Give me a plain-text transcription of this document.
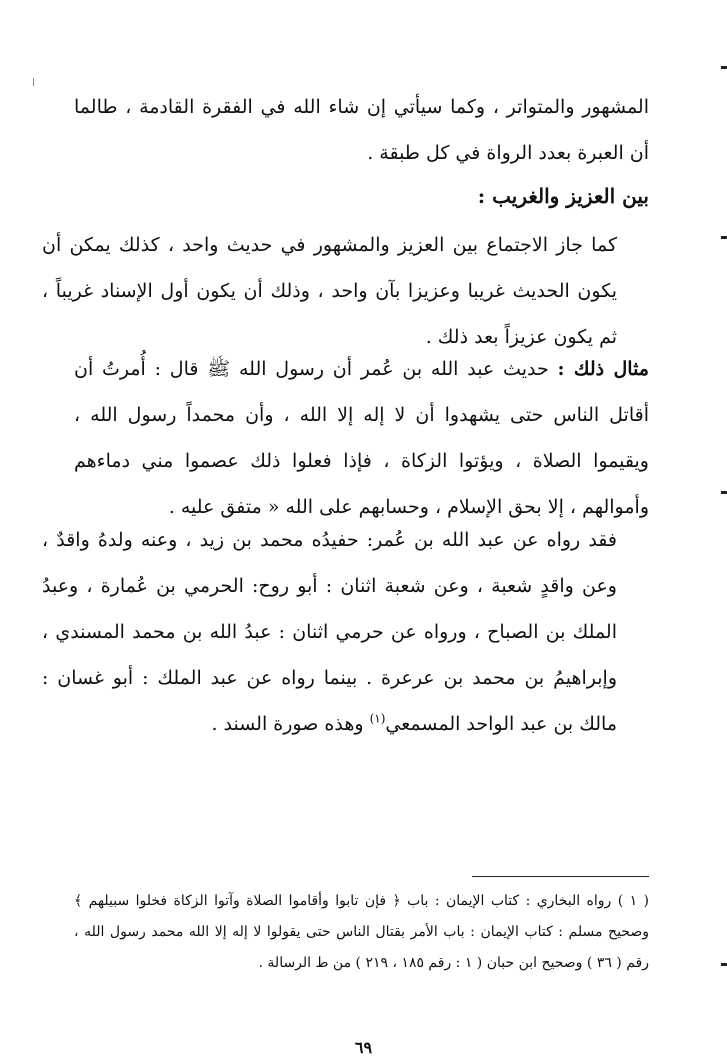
المشهور والمتواتر ، وكما سيأتي إن شاء الله في الفقرة القادمة ، طالما أن العبرة بعدد الرواة في كل طبقة .

بين العزيز والغريب :

كما جاز الاجتماع بين العزيز والمشهور في حديث واحد ، كذلك يمكن أن يكون الحديث غريبا وعزيزا بآن واحد ، وذلك أن يكون أول الإسناد غريباً ، ثم يكون عزيزاً بعد ذلك .

مثال ذلك : حديث عبد الله بن عُمر أن رسول الله ﷺ قال : أُمرتُ أن أقاتل الناس حتى يشهدوا أن لا إله إلا الله ، وأن محمداً رسول الله ، ويقيموا الصلاة ، ويؤتوا الزكاة ، فإذا فعلوا ذلك عصموا مني دماءهم وأموالهم ، إلا بحق الإسلام ، وحسابهم على الله « متفق عليه .

فقد رواه عن عبد الله بن عُمر: حفيدُه محمد بن زيد ، وعنه ولدهُ واقدٌ ، وعن واقدٍ شعبة ، وعن شعبة اثنان : أبو روح: الحرمي بن عُمارة ، وعبدُ الملك بن الصباح ، ورواه عن حرمي اثنان : عبدُ الله بن محمد المسندي ، وإبراهيمُ بن محمد بن عرعرة . بينما رواه عن عبد الملك : أبو غسان : مالك بن عبد الواحد المسمعي$^{(١)}$ وهذه صورة السند .

( ١ ) رواه البخاري : كتاب الإيمان : باب ﴿ فإن تابوا وأقاموا الصلاة وآتوا الزكاة فخلوا سبيلهم ﴾ وصحيح مسلم : كتاب الإيمان : باب الأمر بقتال الناس حتى يقولوا لا إله إلا الله محمد رسول الله ، رقم ( ٣٦ ) وصحيح ابن حبان ( ١ : رقم ١٨٥ ، ٢١٩ ) من ط الرسالة .

٦٩
